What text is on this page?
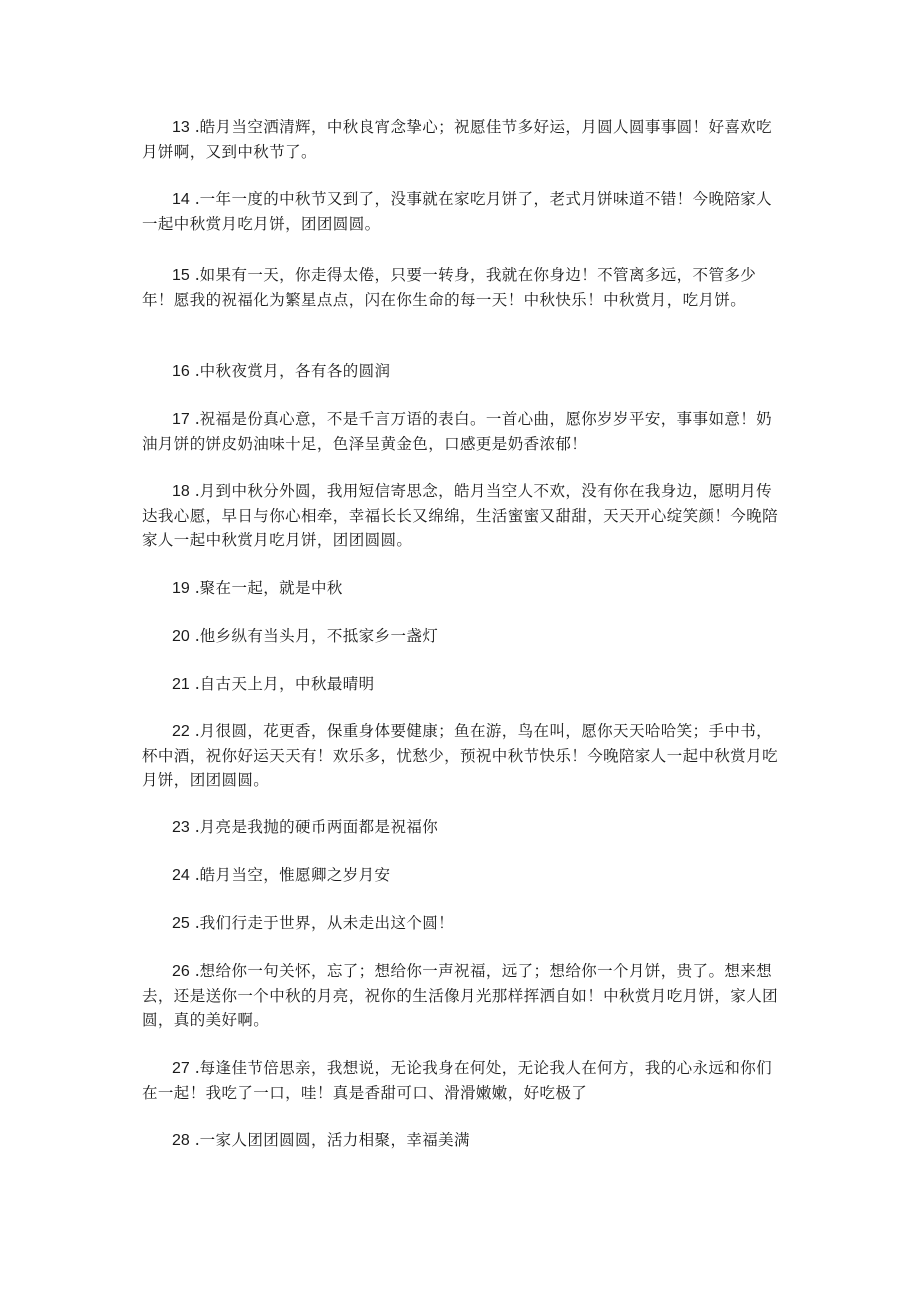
13 .皓月当空洒清辉，中秋良宵念挚心；祝愿佳节多好运，月圆人圆事事圆！好喜欢吃月饼啊，又到中秋节了。

14 .一年一度的中秋节又到了，没事就在家吃月饼了，老式月饼味道不错！今晚陪家人一起中秋赏月吃月饼，团团圆圆。

15 .如果有一天，你走得太倦，只要一转身，我就在你身边！不管离多远，不管多少年！愿我的祝福化为繁星点点，闪在你生命的每一天！中秋快乐！中秋赏月，吃月饼。

16 .中秋夜赏月，各有各的圆润

17 .祝福是份真心意，不是千言万语的表白。一首心曲，愿你岁岁平安，事事如意！奶油月饼的饼皮奶油味十足，色泽呈黄金色，口感更是奶香浓郁！

18 .月到中秋分外圆，我用短信寄思念，皓月当空人不欢，没有你在我身边，愿明月传达我心愿，早日与你心相牵，幸福长长又绵绵，生活蜜蜜又甜甜，天天开心绽笑颜！今晚陪家人一起中秋赏月吃月饼，团团圆圆。

19 .聚在一起，就是中秋

20 .他乡纵有当头月，不抵家乡一盏灯

21 .自古天上月，中秋最晴明

22 .月很圆，花更香，保重身体要健康；鱼在游，鸟在叫，愿你天天哈哈笑；手中书，杯中酒，祝你好运天天有！欢乐多，忧愁少，预祝中秋节快乐！今晚陪家人一起中秋赏月吃月饼，团团圆圆。

23 .月亮是我抛的硬币两面都是祝福你

24 .皓月当空，惟愿卿之岁月安

25 .我们行走于世界，从未走出这个圆！

26 .想给你一句关怀，忘了；想给你一声祝福，远了；想给你一个月饼，贵了。想来想去，还是送你一个中秋的月亮，祝你的生活像月光那样挥洒自如！中秋赏月吃月饼，家人团圆，真的美好啊。

27 .每逢佳节倍思亲，我想说，无论我身在何处，无论我人在何方，我的心永远和你们在一起！我吃了一口，哇！真是香甜可口、滑滑嫩嫩，好吃极了

28 .一家人团团圆圆，活力相聚，幸福美满
